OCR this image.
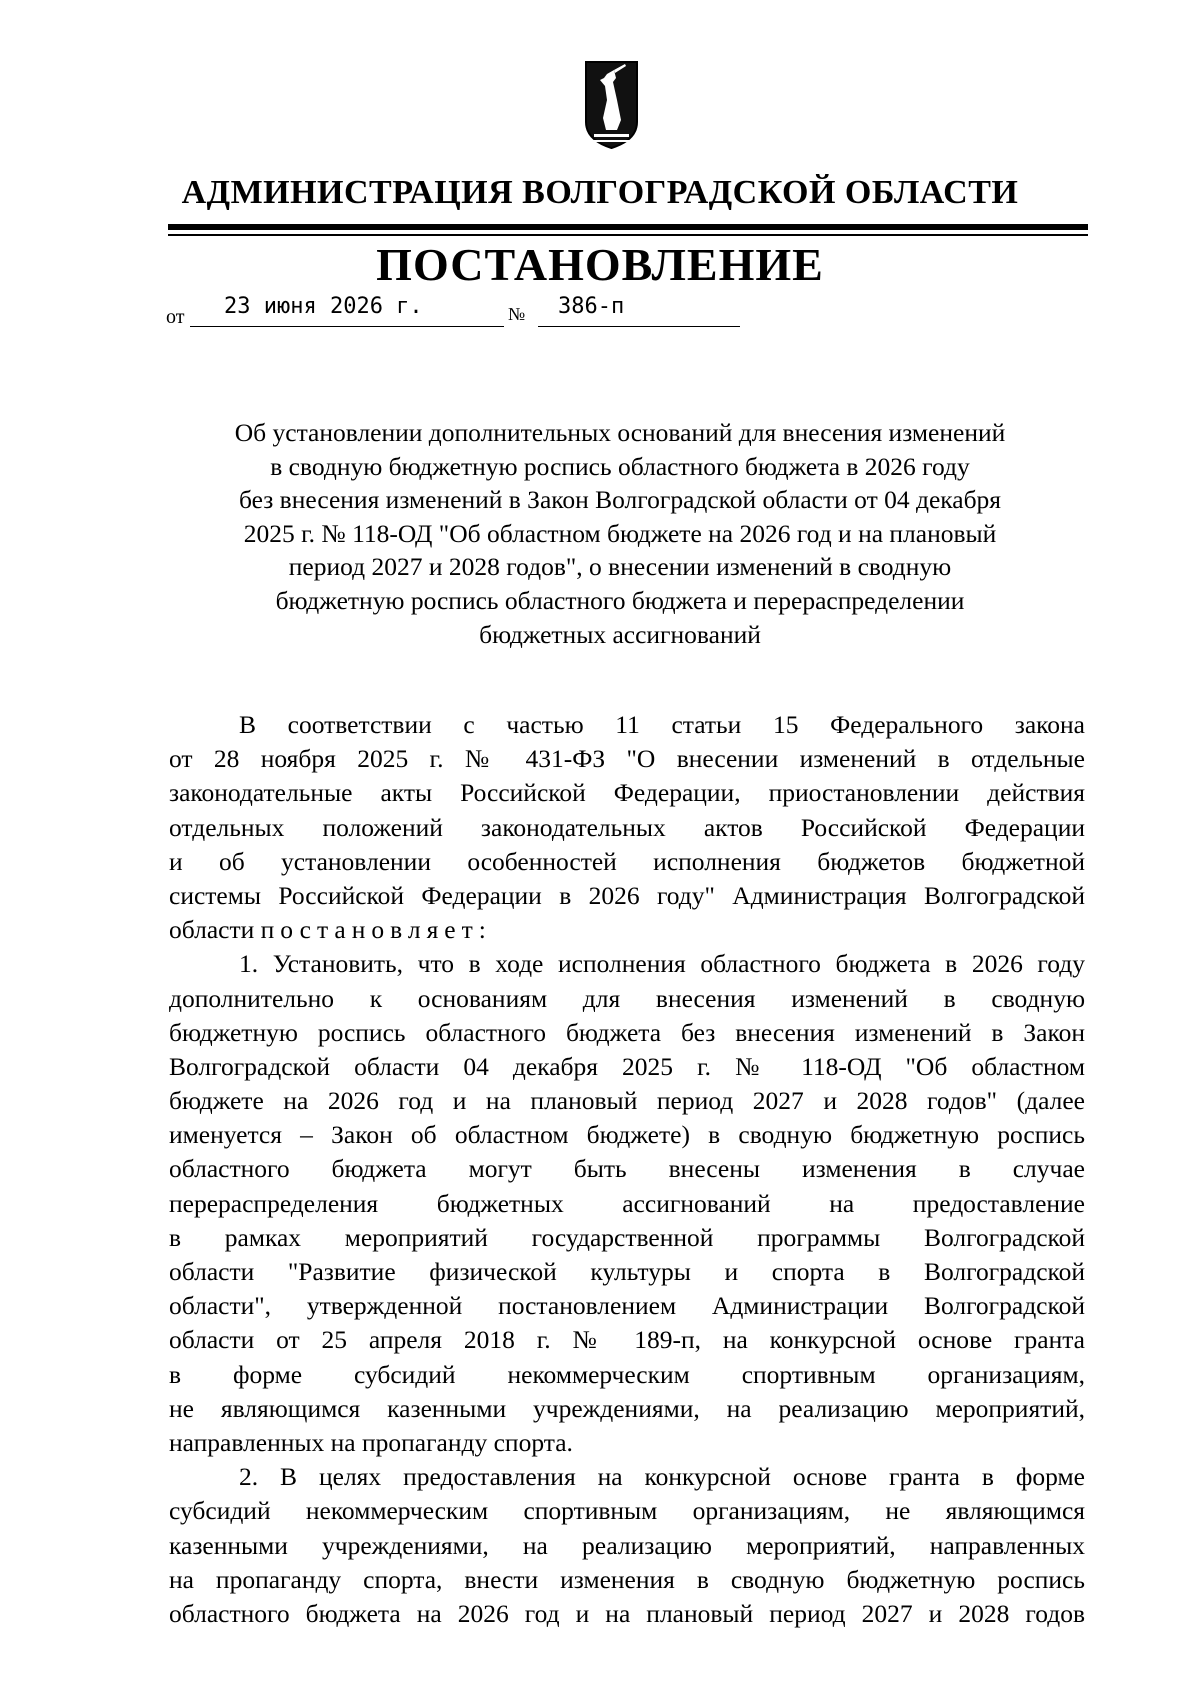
АДМИНИСТРАЦИЯ ВОЛГОГРАДСКОЙ ОБЛАСТИ
ПОСТАНОВЛЕНИЕ
от 23 июня 2026 г.	№ 386-п
Об установлении дополнительных оснований для внесения изменений
в сводную бюджетную роспись областного бюджета в 2026 году
без внесения изменений в Закон Волгоградской области от 04 декабря
2025 г. № 118-ОД "Об областном бюджете на 2026 год и на плановый
период 2027 и 2028 годов", о внесении изменений в сводную
бюджетную роспись областного бюджета и перераспределении
бюджетных ассигнований
В соответствии с частью 11 статьи 15 Федерального закона
от 28 ноября 2025 г. № 431-ФЗ "О внесении изменений в отдельные
законодательные акты Российской Федерации, приостановлении действия
отдельных положений законодательных актов Российской Федерации
и об установлении особенностей исполнения бюджетов бюджетной
системы Российской Федерации в 2026 году" Администрация Волгоградской
области постановляет:
1. Установить, что в ходе исполнения областного бюджета в 2026 году
дополнительно к основаниям для внесения изменений в сводную
бюджетную роспись областного бюджета без внесения изменений в Закон
Волгоградской области 04 декабря 2025 г. № 118-ОД "Об областном
бюджете на 2026 год и на плановый период 2027 и 2028 годов" (далее
именуется – Закон об областном бюджете) в сводную бюджетную роспись
областного бюджета могут быть внесены изменения в случае
перераспределения бюджетных ассигнований на предоставление
в рамках мероприятий государственной программы Волгоградской
области "Развитие физической культуры и спорта в Волгоградской
области", утвержденной постановлением Администрации Волгоградской
области от 25 апреля 2018 г. № 189-п, на конкурсной основе гранта
в форме субсидий некоммерческим спортивным организациям,
не являющимся казенными учреждениями, на реализацию мероприятий,
направленных на пропаганду спорта.
2. В целях предоставления на конкурсной основе гранта в форме
субсидий некоммерческим спортивным организациям, не являющимся
казенными учреждениями, на реализацию мероприятий, направленных
на пропаганду спорта, внести изменения в сводную бюджетную роспись
областного бюджета на 2026 год и на плановый период 2027 и 2028 годов
